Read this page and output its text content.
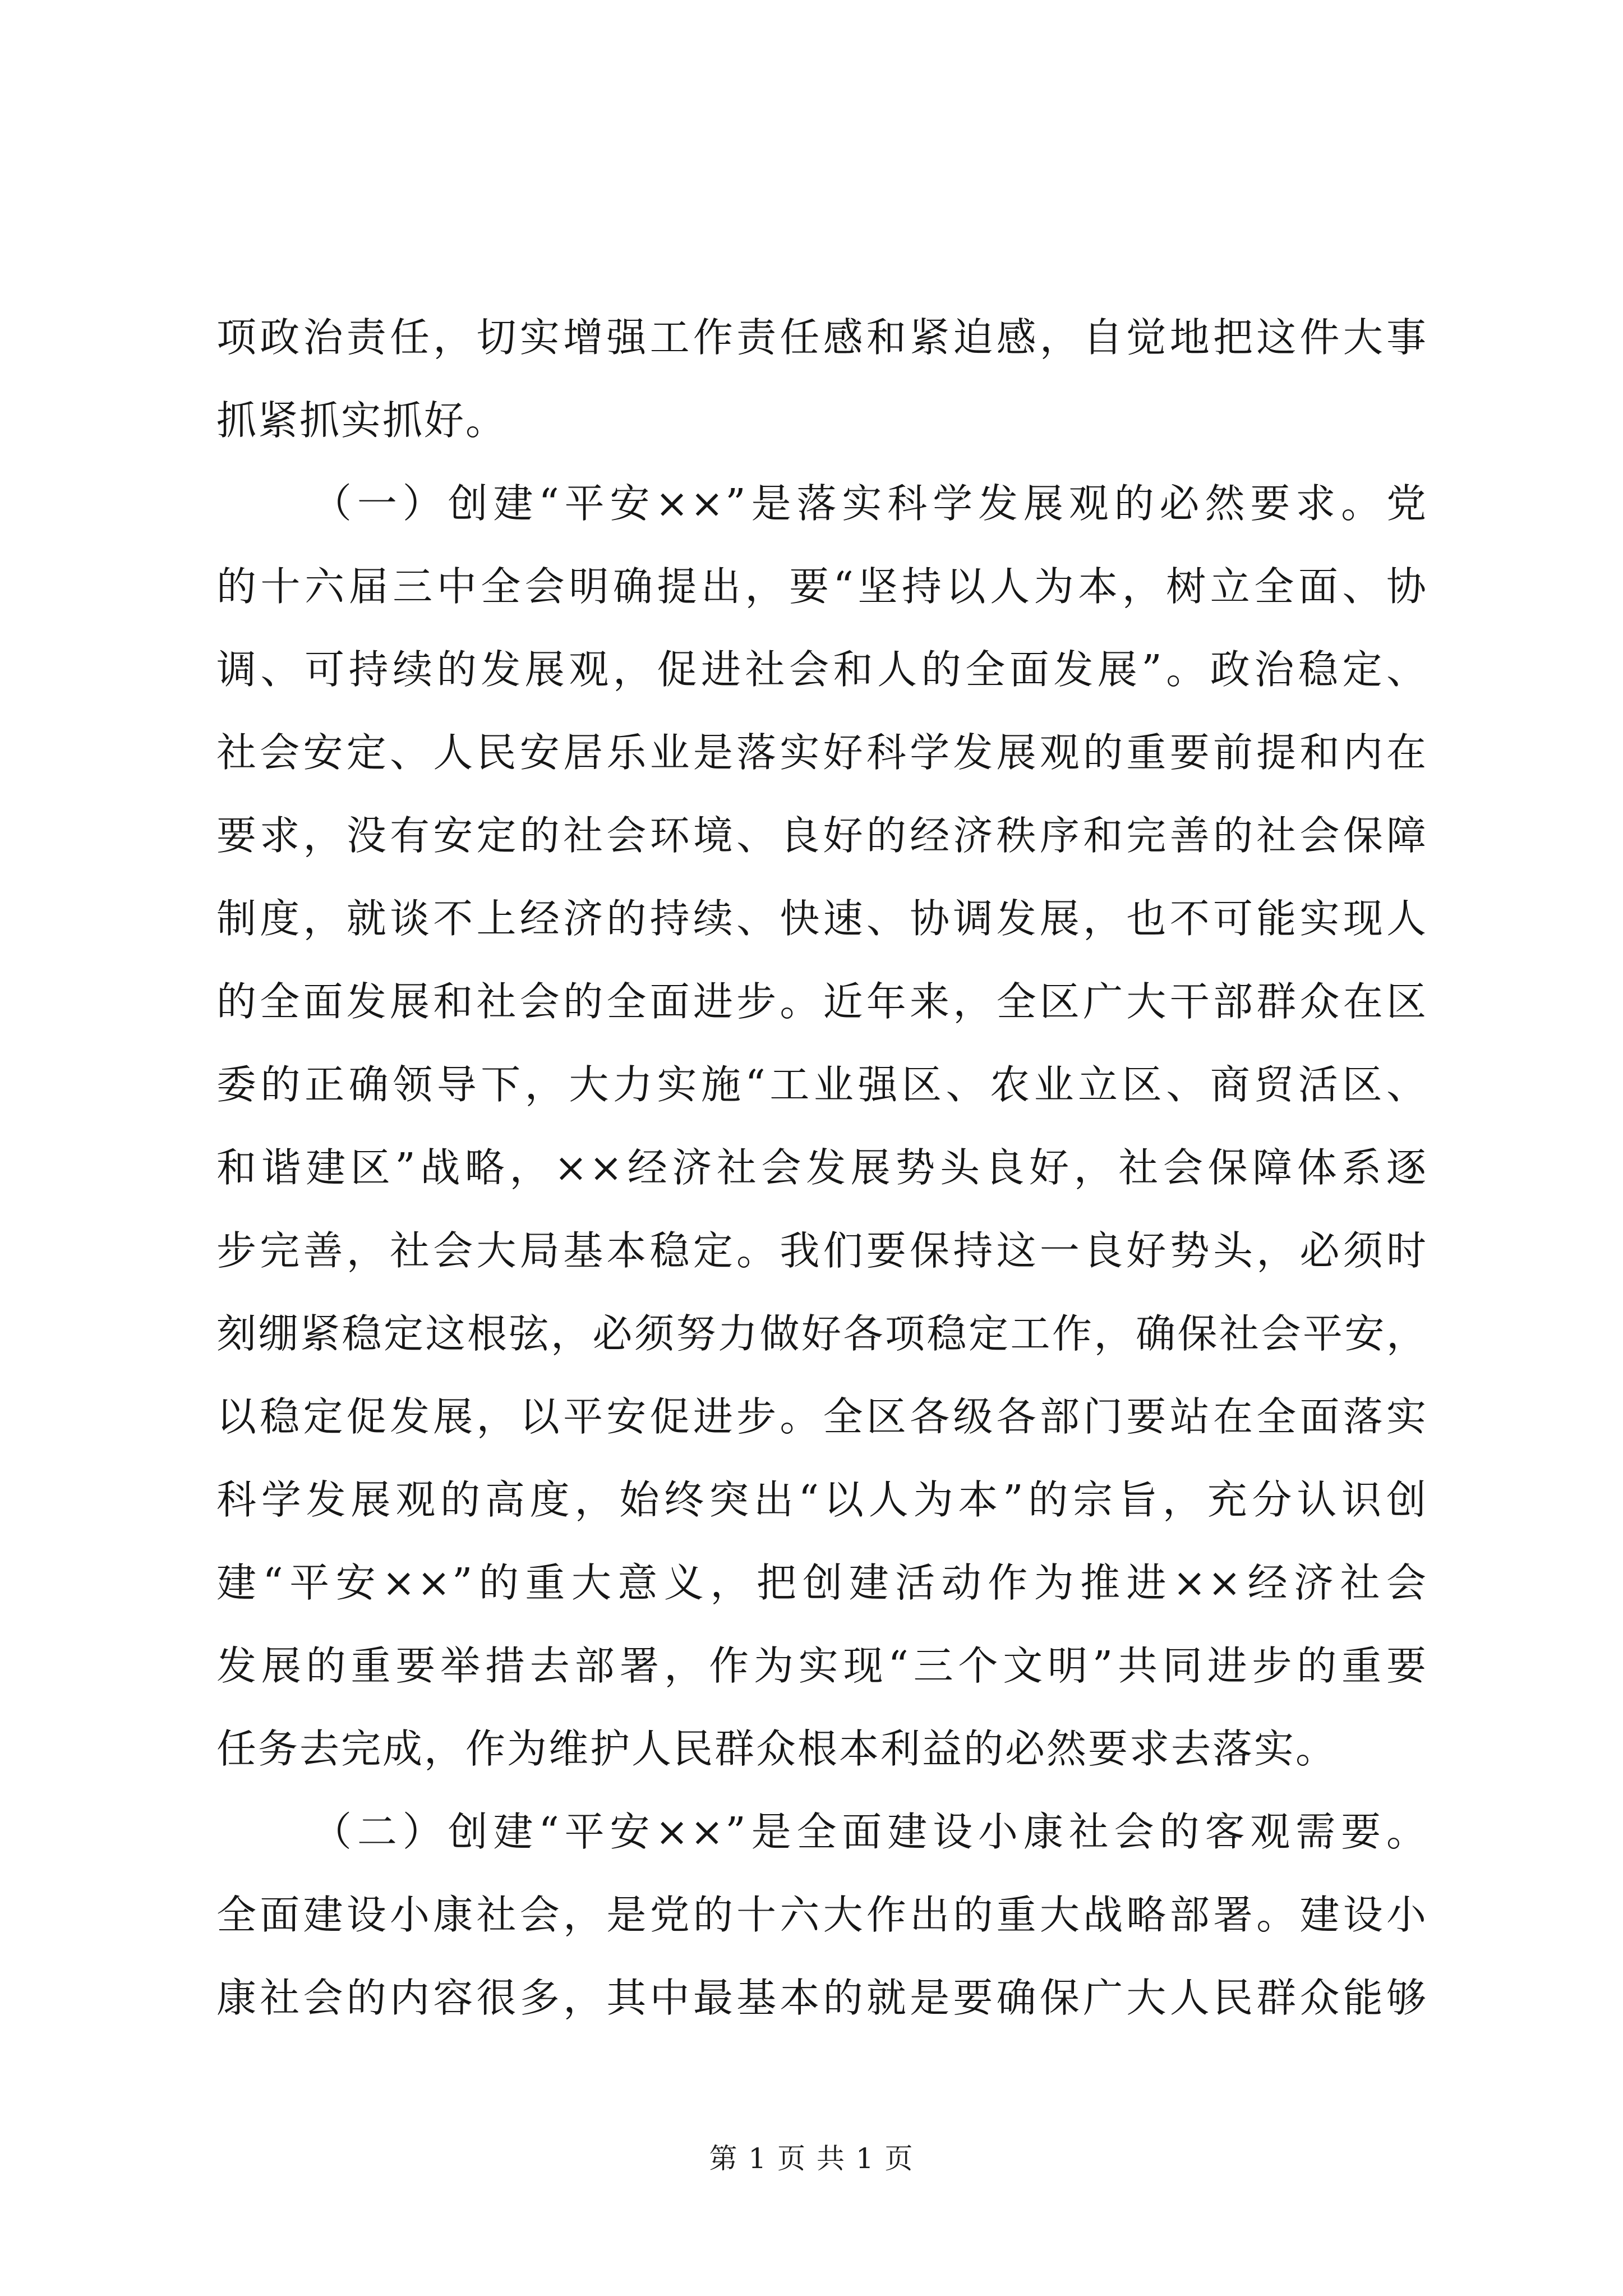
项政治责任，切实增强工作责任感和紧迫感，自觉地把这件大事
抓紧抓实抓好。
（一）创建“平安××”是落实科学发展观的必然要求。党
的十六届三中全会明确提出，要“坚持以人为本，树立全面、协
调、可持续的发展观，促进社会和人的全面发展”。政治稳定、
社会安定、人民安居乐业是落实好科学发展观的重要前提和内在
要求，没有安定的社会环境、良好的经济秩序和完善的社会保障
制度，就谈不上经济的持续、快速、协调发展，也不可能实现人
的全面发展和社会的全面进步。近年来，全区广大干部群众在区
委的正确领导下，大力实施“工业强区、农业立区、商贸活区、
和谐建区”战略，××经济社会发展势头良好，社会保障体系逐
步完善，社会大局基本稳定。我们要保持这一良好势头，必须时
刻绷紧稳定这根弦，必须努力做好各项稳定工作，确保社会平安，
以稳定促发展，以平安促进步。全区各级各部门要站在全面落实
科学发展观的高度，始终突出“以人为本”的宗旨，充分认识创
建“平安××”的重大意义，把创建活动作为推进××经济社会
发展的重要举措去部署，作为实现“三个文明”共同进步的重要
任务去完成，作为维护人民群众根本利益的必然要求去落实。
（二）创建“平安××”是全面建设小康社会的客观需要。
全面建设小康社会，是党的十六大作出的重大战略部署。建设小
康社会的内容很多，其中最基本的就是要确保广大人民群众能够
第 1 页 共 1 页
